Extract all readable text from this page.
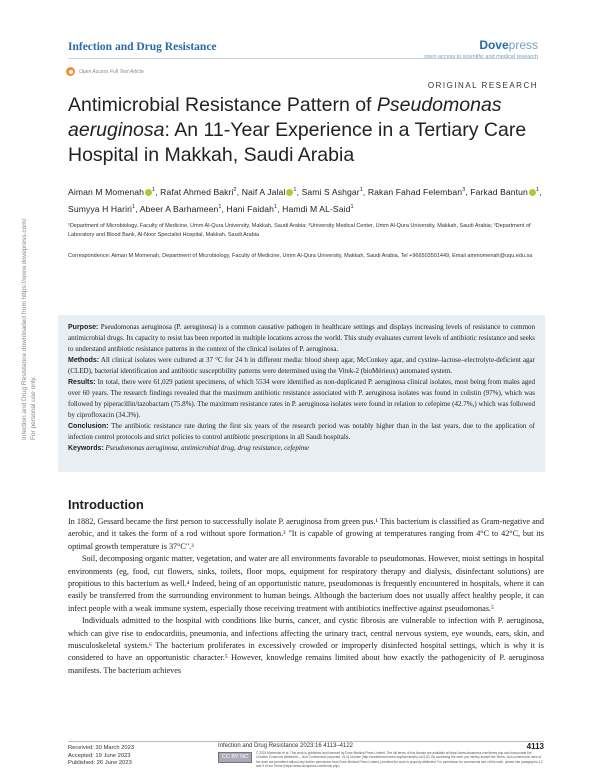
Infection and Drug Resistance	Dovepress
open access to scientific and medical research
Open Access Full Text Article
ORIGINAL RESEARCH
Antimicrobial Resistance Pattern of Pseudomonas aeruginosa: An 11-Year Experience in a Tertiary Care Hospital in Makkah, Saudi Arabia
Aiman M Momenah $^1$, Rafat Ahmed Bakri$^2$, Naif A Jalal $^1$, Sami S Ashgar$^1$, Rakan Fahad Felemban$^3$, Farkad Bantun $^1$, Sumyya H Hariri$^1$, Abeer A Barhameen$^1$, Hani Faidah$^1$, Hamdi M AL-Said$^1$
¹Department of Microbiology, Faculty of Medicine, Umm Al-Qura University, Makkah, Saudi Arabia; ²University Medical Center, Umm Al-Qura University, Makkah, Saudi Arabia; ³Department of Laboratory and Blood Bank, Al-Noor Specialist Hospital, Makkah, Saudi Arabia
Correspondence: Aiman M Momenah, Department of Microbiology, Faculty of Medicine, Umm Al-Qura University, Makkah, Saudi Arabia, Tel +966503501449, Email ammomenah@uqu.edu.sa

Purpose: Pseudomonas aeruginosa (P. aeruginosa) is a common causative pathogen in healthcare settings and displays increasing levels of resistance to common antimicrobial drugs. Its capacity to resist has been reported in multiple locations across the world. This study evaluates current levels of antibiotic resistance and seeks to understand antibiotic resistance patterns in the context of the clinical isolates of P. aeruginosa.

Methods: All clinical isolates were cultured at 37 °C for 24 h in different media: blood sheep agar, McConkey agar, and cystine–lactose–electrolyte-deficient agar (CLED), bacterial identification and antibiotic susceptibility patterns were determined using the Vitek-2 (bioMérieux) automated system.

Results: In total, there were 61,029 patient specimens, of which 5534 were identified as non-duplicated P. aeruginosa clinical isolates, most being from males aged over 60 years. The research findings revealed that the maximum antibiotic resistance associated with P. aeruginosa isolates was found in colistin (97%), which was followed by piperacillin/tazobactam (75.8%). The maximum resistance rates in P. aeruginosa isolates were found in relation to cefepime (42.7%,) which was followed by ciprofloxacin (34.3%).

Conclusion: The antibiotic resistance rate during the first six years of the research period was notably higher than in the last years, due to the application of infection control protocols and strict policies to control antibiotic prescriptions in all Saudi hospitals.

Keywords: Pseudomonas aeruginosa, antimicrobial drug, drug resistance, cefepime

Introduction

In 1882, Gessard became the first person to successfully isolate P. aeruginosa from green pus.¹ This bacterium is classified as Gram-negative and aerobic, and it takes the form of a rod without spore formation.² "It is capable of growing at temperatures ranging from 4°C to 42°C, but its optimal growth temperature is 37°C".³

Soil, decomposing organic matter, vegetation, and water are all environments favorable to pseudomonas. However, moist settings in hospital environments (eg, food, cut flowers, sinks, toilets, floor mops, equipment for respiratory therapy and dialysis, disinfectant solutions) are propitious to this bacterium as well.⁴ Indeed, being of an opportunistic nature, pseudomonas is frequently encountered in hospitals, where it can easily be transferred from the surrounding environment to human beings. Although the bacterium does not usually affect healthy people, it can infect people with a weak immune system, especially those receiving treatment with antibiotics ineffective against pseudomonas.⁵

Individuals admitted to the hospital with conditions like burns, cancer, and cystic fibrosis are vulnerable to infection with P. aeruginosa, which can give rise to endocarditis, pneumonia, and infections affecting the urinary tract, central nervous system, eye wounds, ears, skin, and musculoskeletal system.⁶ The bacterium proliferates in excessively crowded or improperly disinfected hospital settings, which is why it is considered to have an opportunistic character.⁵ However, knowledge remains limited about how exactly the pathogenicity of P. aeruginosa manifests. The bacterium achieves

Infection and Drug Resistance downloaded from https://www.dovepress.com/ For personal use only.
Received: 30 March 2023
Accepted: 19 June 2023
Published: 26 June 2023
Infection and Drug Resistance 2023:16 4113–4122	4113
CC BY NC
© 2023 Momenah et al. This work is published and licensed by Dove Medical Press Limited. The full terms of this license are available at https://www.dovepress.com/terms.php and incorporate the Creative Commons Attribution – Non Commercial (unported, v3.0) License (http://creativecommons.org/licenses/by-nc/3.0/). By accessing the work you hereby accept the Terms. Non-commercial uses of the work are permitted without any further permission from Dove Medical Press Limited, provided the work is properly attributed. For permission for commercial use of this work, please see paragraphs 4.2 and 5 of our Terms (https://www.dovepress.com/terms.php).
